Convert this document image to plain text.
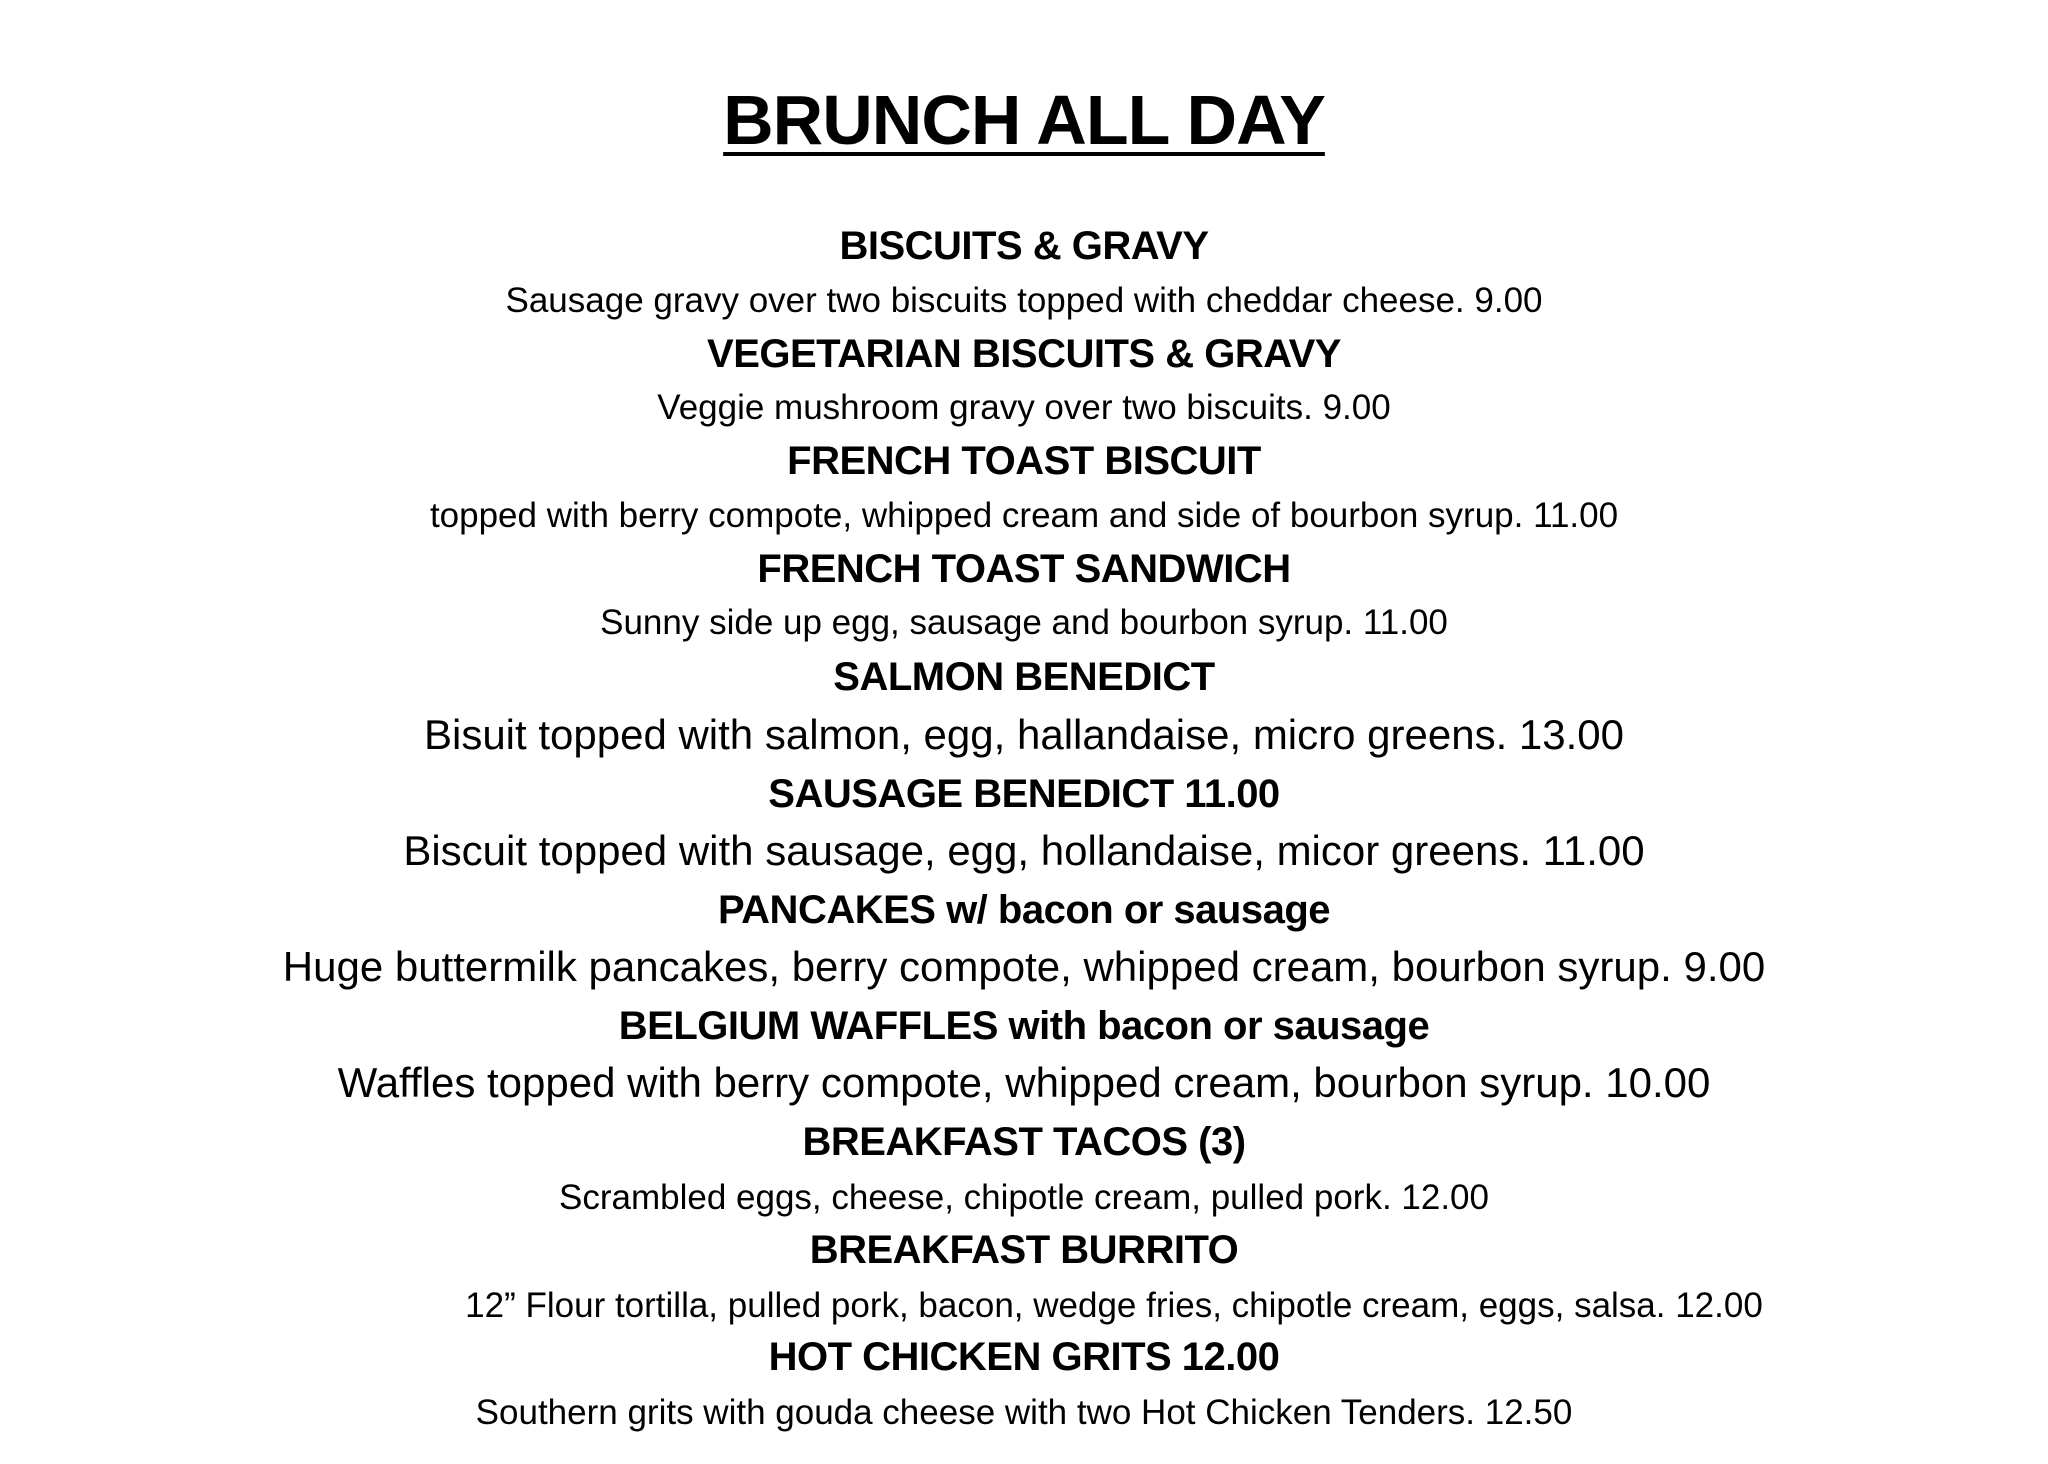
BRUNCH ALL DAY
BISCUITS & GRAVY
Sausage gravy over two biscuits topped with cheddar cheese. 9.00
VEGETARIAN BISCUITS & GRAVY
Veggie mushroom gravy over two biscuits. 9.00
FRENCH TOAST BISCUIT
topped with berry compote, whipped cream and side of bourbon syrup. 11.00
FRENCH TOAST SANDWICH
Sunny side up egg, sausage and bourbon syrup. 11.00
SALMON BENEDICT
Bisuit topped with salmon, egg, hallandaise, micro greens. 13.00
SAUSAGE BENEDICT 11.00
Biscuit topped with sausage, egg, hollandaise, micor greens. 11.00
PANCAKES w/ bacon or sausage
Huge buttermilk pancakes, berry compote, whipped cream, bourbon syrup. 9.00
BELGIUM WAFFLES with bacon or sausage
Waffles topped with berry compote, whipped cream, bourbon syrup. 10.00
BREAKFAST TACOS (3)
Scrambled eggs, cheese, chipotle cream, pulled pork. 12.00
BREAKFAST BURRITO
12” Flour tortilla, pulled pork, bacon, wedge fries, chipotle cream, eggs, salsa. 12.00
HOT CHICKEN GRITS 12.00
Southern grits with gouda cheese with two Hot Chicken Tenders. 12.50
